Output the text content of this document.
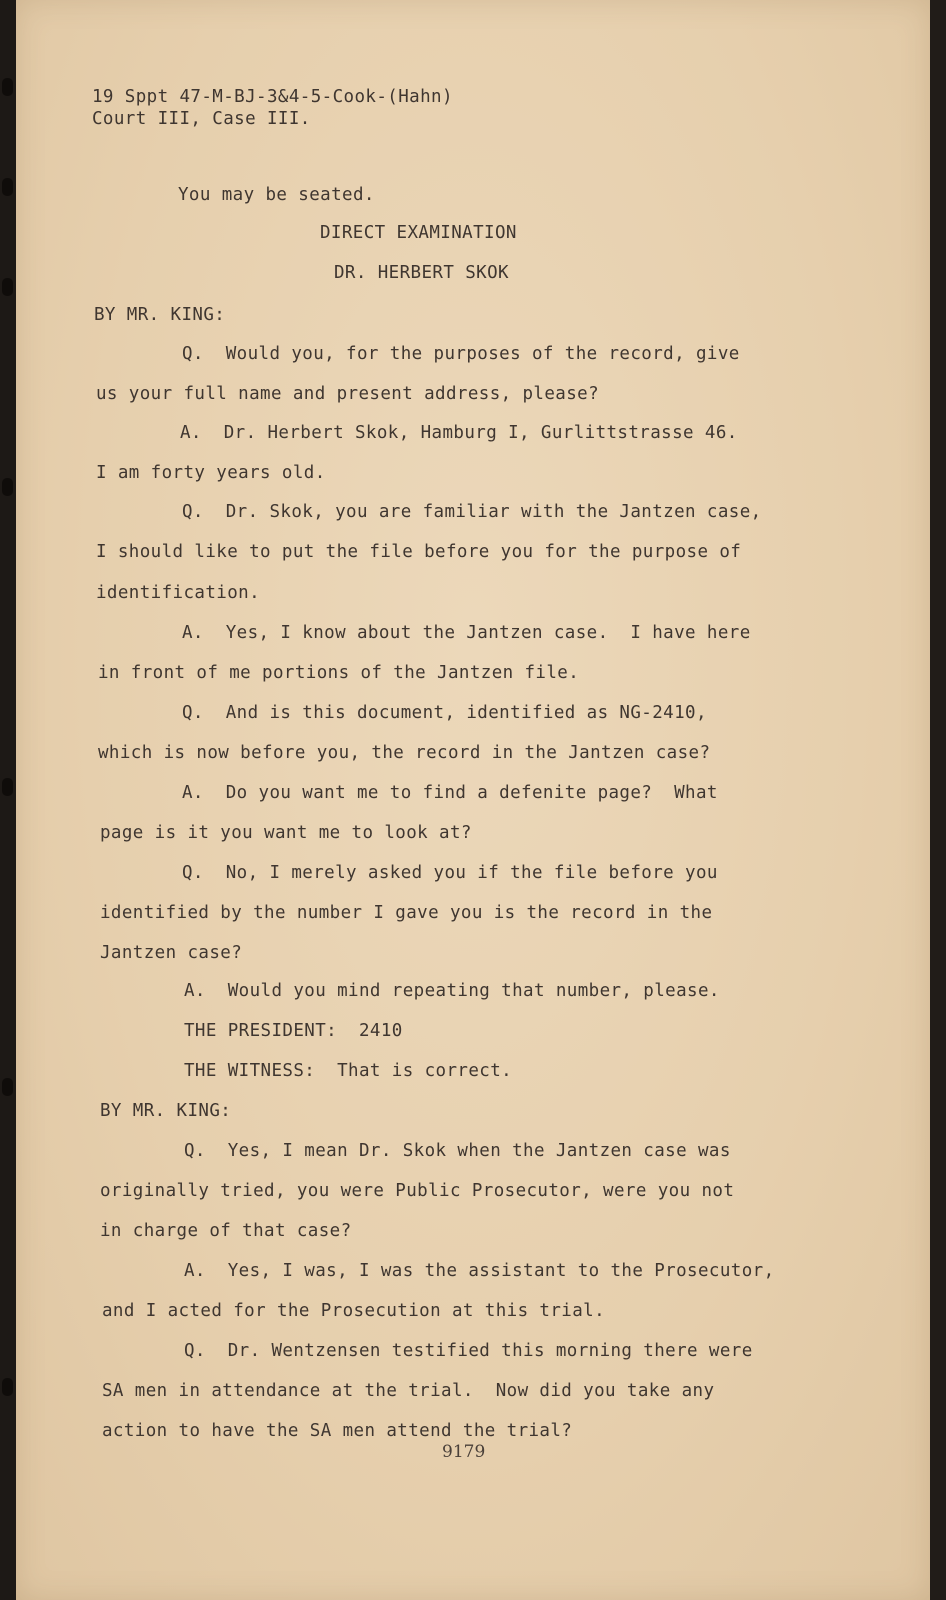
19 Sppt 47-M-BJ-3&4-5-Cook-(Hahn)
Court III, Case III.
You may be seated.
DIRECT EXAMINATION
DR. HERBERT SKOK
BY MR. KING:
Q.  Would you, for the purposes of the record, give
us your full name and present address, please?
A.  Dr. Herbert Skok, Hamburg I, Gurlittstrasse 46.
I am forty years old.
Q.  Dr. Skok, you are familiar with the Jantzen case,
I should like to put the file before you for the purpose of
identification.
A.  Yes, I know about the Jantzen case.  I have here
in front of me portions of the Jantzen file.
Q.  And is this document, identified as NG-2410,
which is now before you, the record in the Jantzen case?
A.  Do you want me to find a defenite page?  What
page is it you want me to look at?
Q.  No, I merely asked you if the file before you
identified by the number I gave you is the record in the
Jantzen case?
A.  Would you mind repeating that number, please.
THE PRESIDENT:  2410
THE WITNESS:  That is correct.
BY MR. KING:
Q.  Yes, I mean Dr. Skok when the Jantzen case was
originally tried, you were Public Prosecutor, were you not
in charge of that case?
A.  Yes, I was, I was the assistant to the Prosecutor,
and I acted for the Prosecution at this trial.
Q.  Dr. Wentzensen testified this morning there were
SA men in attendance at the trial.  Now did you take any
action to have the SA men attend the trial?
9179
